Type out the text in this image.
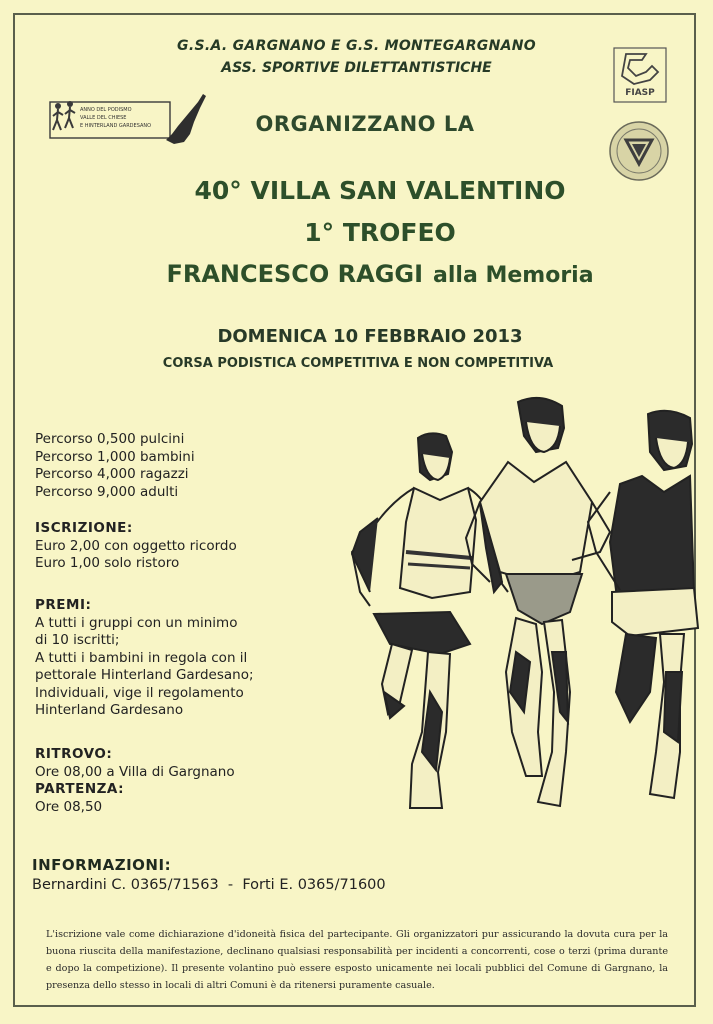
G.S.A. GARGNANO E G.S. MONTEGARGNANO
ASS. SPORTIVE DILETTANTISTICHE
ANNO DEL PODISMO
VALLE DEL CHIESE
E HINTERLAND GARDESANO
FIASP
ORGANIZZANO LA
40° VILLA SAN VALENTINO
1° TROFEO
FRANCESCO RAGGI alla Memoria
DOMENICA 10 FEBBRAIO 2013
CORSA PODISTICA COMPETITIVA E NON COMPETITIVA
Percorso 0,500 pulcini
Percorso 1,000 bambini
Percorso 4,000 ragazzi
Percorso 9,000 adulti
ISCRIZIONE:
Euro 2,00 con oggetto ricordo
Euro 1,00 solo ristoro
PREMI:
A tutti i gruppi con un minimo
di 10 iscritti;
A tutti i bambini in regola con il
pettorale Hinterland Gardesano;
Individuali, vige il regolamento
Hinterland Gardesano
RITROVO:
Ore 08,00 a Villa di Gargnano
PARTENZA:
Ore 08,50
INFORMAZIONI:
Bernardini C. 0365/71563  -  Forti E. 0365/71600
L'iscrizione vale come dichiarazione d'idoneità fisica del partecipante. Gli organizzatori pur assicurando la dovuta cura per la buona riuscita della manifestazione, declinano qualsiasi responsabilità per incidenti a concorrenti, cose o terzi (prima durante e dopo la competizione). Il presente volantino può essere esposto unicamente nei locali pubblici del Comune di Gargnano, la presenza dello stesso in locali di altri Comuni è da ritenersi puramente casuale.
